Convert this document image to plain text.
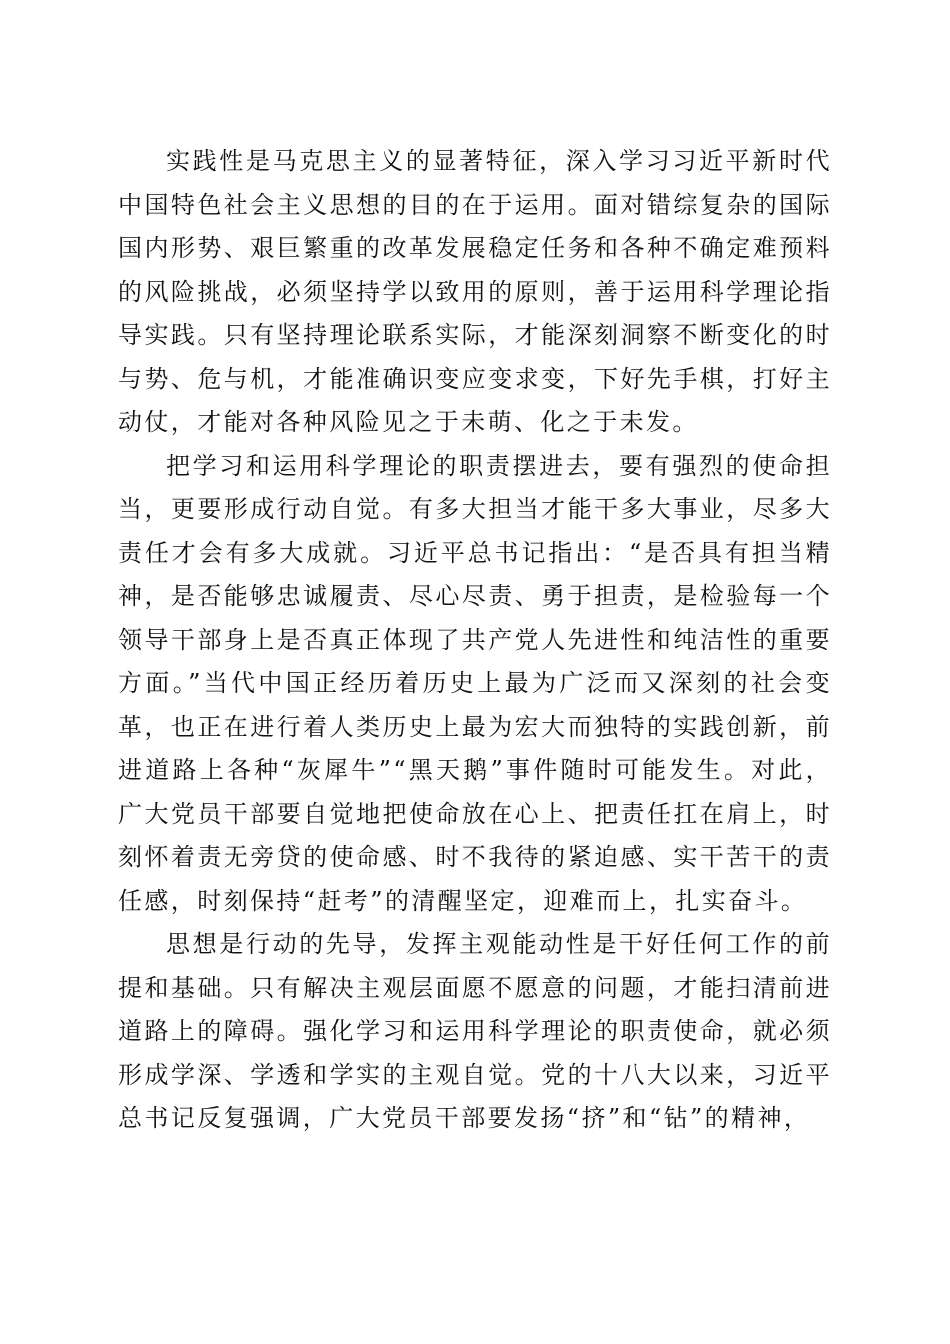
实践性是马克思主义的显著特征，深入学习习近平新时代中国特色社会主义思想的目的在于运用。面对错综复杂的国际国内形势、艰巨繁重的改革发展稳定任务和各种不确定难预料的风险挑战，必须坚持学以致用的原则，善于运用科学理论指导实践。只有坚持理论联系实际，才能深刻洞察不断变化的时与势、危与机，才能准确识变应变求变，下好先手棋，打好主动仗，才能对各种风险见之于未萌、化之于未发。

把学习和运用科学理论的职责摆进去，要有强烈的使命担当，更要形成行动自觉。有多大担当才能干多大事业，尽多大责任才会有多大成就。习近平总书记指出：“是否具有担当精神，是否能够忠诚履责、尽心尽责、勇于担责，是检验每一个领导干部身上是否真正体现了共产党人先进性和纯洁性的重要方面。”当代中国正经历着历史上最为广泛而又深刻的社会变革，也正在进行着人类历史上最为宏大而独特的实践创新，前进道路上各种“灰犀牛”“黑天鹅”事件随时可能发生。对此，广大党员干部要自觉地把使命放在心上、把责任扛在肩上，时刻怀着责无旁贷的使命感、时不我待的紧迫感、实干苦干的责任感，时刻保持“赶考”的清醒坚定，迎难而上，扎实奋斗。

思想是行动的先导，发挥主观能动性是干好任何工作的前提和基础。只有解决主观层面愿不愿意的问题，才能扫清前进道路上的障碍。强化学习和运用科学理论的职责使命，就必须形成学深、学透和学实的主观自觉。党的十八大以来，习近平总书记反复强调，广大党员干部要发扬“挤”和“钻”的精神，
